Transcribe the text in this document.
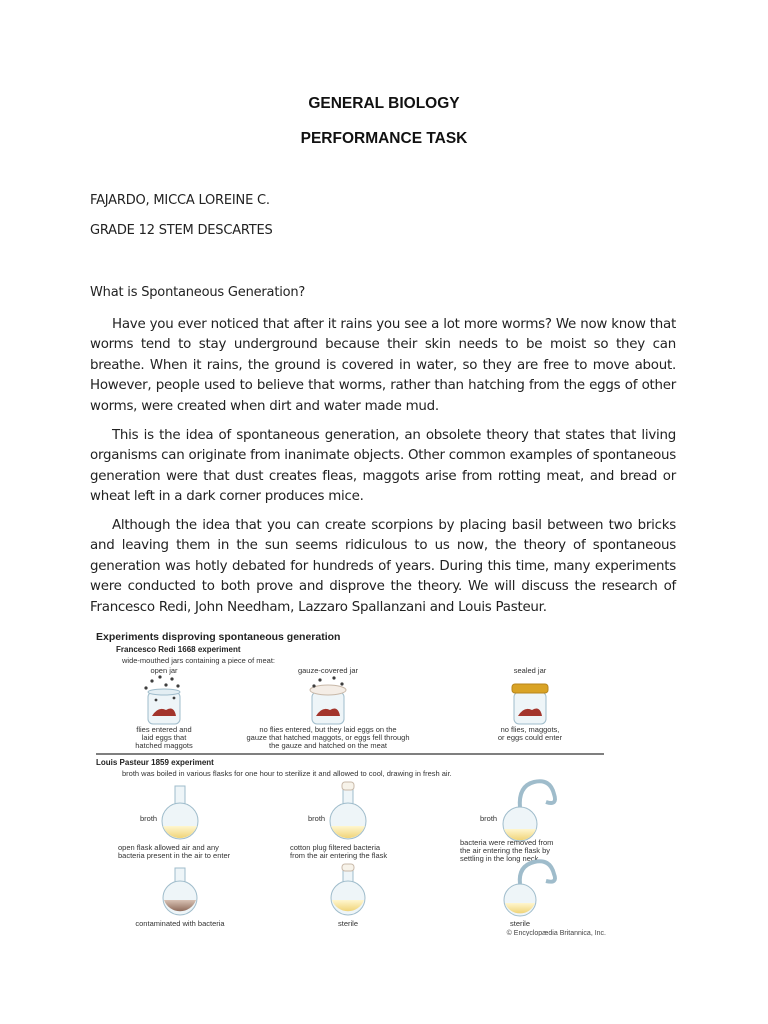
GENERAL BIOLOGY
PERFORMANCE TASK
FAJARDO, MICCA LOREINE C.
GRADE 12 STEM DESCARTES
What is Spontaneous Generation?
Have you ever noticed that after it rains you see a lot more worms? We now know that worms tend to stay underground because their skin needs to be moist so they can breathe. When it rains, the ground is covered in water, so they are free to move about. However, people used to believe that worms, rather than hatching from the eggs of other worms, were created when dirt and water made mud.
This is the idea of spontaneous generation, an obsolete theory that states that living organisms can originate from inanimate objects. Other common examples of spontaneous generation were that dust creates fleas, maggots arise from rotting meat, and bread or wheat left in a dark corner produces mice.
Although the idea that you can create scorpions by placing basil between two bricks and leaving them in the sun seems ridiculous to us now, the theory of spontaneous generation was hotly debated for hundreds of years. During this time, many experiments were conducted to both prove and disprove the theory. We will discuss the research of Francesco Redi, John Needham, Lazzaro Spallanzani and Louis Pasteur.
Experiments disproving spontaneous generation
Francesco Redi 1668 experiment
wide-mouthed jars containing a piece of meat:
open jar	gauze-covered jar	sealed jar
flies entered and
laid eggs that
hatched maggots
no flies entered, but they laid eggs on the
gauze that hatched maggots, or eggs fell through
the gauze and hatched on the meat
no flies, maggots,
or eggs could enter
Louis Pasteur 1859 experiment
broth was boiled in various flasks for one hour to sterilize it and allowed to cool, drawing in fresh air.
broth	broth	broth
open flask allowed air and any
bacteria present in the air to enter
cotton plug filtered bacteria
from the air entering the flask
bacteria were removed from
the air entering the flask by
settling in the long neck
contaminated with bacteria	sterile	sterile
© Encyclopædia Britannica, Inc.
